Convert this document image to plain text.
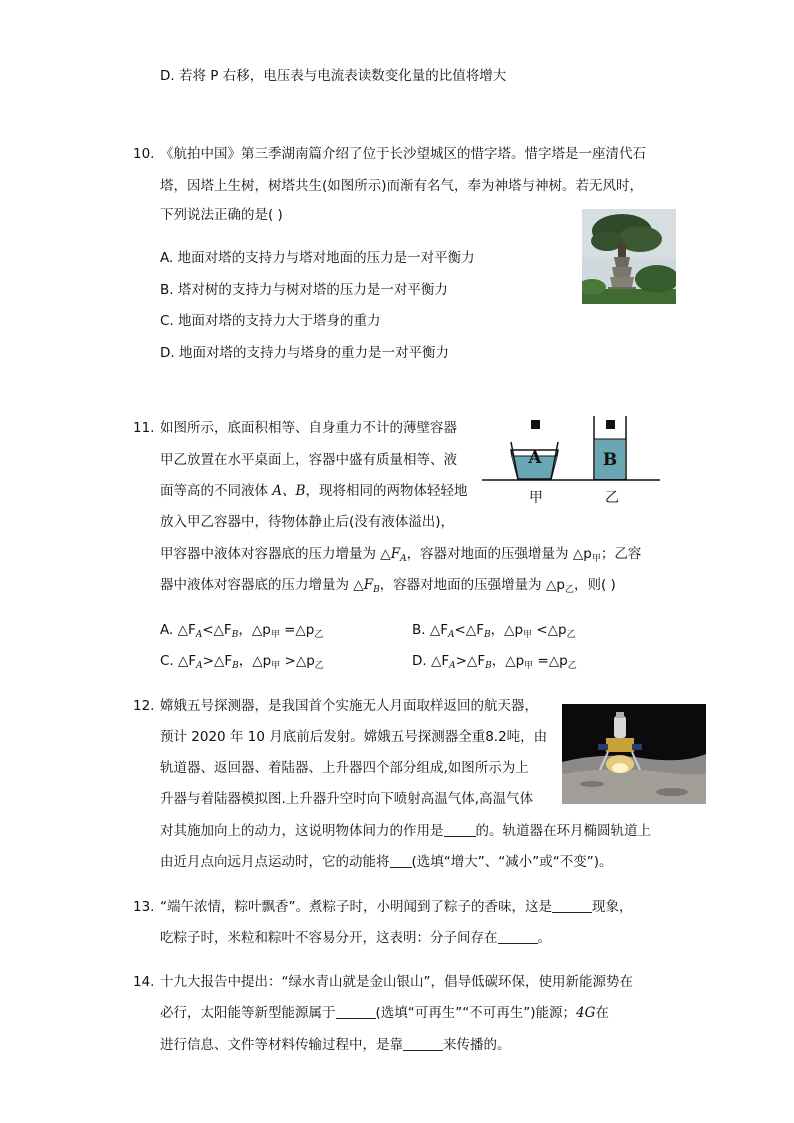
D. 若将 P 右移，电压表与电流表读数变化量的比值将增大
10. 《航拍中国》第三季湖南篇介绍了位于长沙望城区的惜字塔。惜字塔是一座清代石
塔，因塔上生树，树塔共生(如图所示)而渐有名气，奉为神塔与神树。若无风时，
下列说法正确的是( )
A. 地面对塔的支持力与塔对地面的压力是一对平衡力
B. 塔对树的支持力与树对塔的压力是一对平衡力
C. 地面对塔的支持力大于塔身的重力
D. 地面对塔的支持力与塔身的重力是一对平衡力
11. 如图所示，底面积相等、自身重力不计的薄壁容器
甲乙放置在水平桌面上，容器中盛有质量相等、液
面等高的不同液体 A、B，现将相同的两物体轻轻地
放入甲乙容器中，待物体静止后(没有液体溢出)，
甲容器中液体对容器底的压力增量为 $\triangle F_A$，容器对地面的压强增量为 $\triangle p_甲$；乙容
器中液体对容器底的压力增量为 $\triangle F_B$，容器对地面的压强增量为 $\triangle p_乙$，则( )
A	B
甲	乙
A. $\triangle F_A<\triangle F_B$，$\triangle p_甲$ $=\triangle p_乙$	B. $\triangle F_A<\triangle F_B$，$\triangle p_甲$ $<\triangle p_乙$
C. $\triangle F_A>\triangle F_B$，$\triangle p_甲$ $>\triangle p_乙$	D. $\triangle F_A>\triangle F_B$，$\triangle p_甲$ $=\triangle p_乙$
12. 嫦娥五号探测器，是我国首个实施无人月面取样返回的航天器，
预计 2020 年 10 月底前后发射。嫦娥五号探测器全重8.2吨，由
轨道器、返回器、着陆器、上升器四个部分组成,如图所示为上
升器与着陆器模拟图.上升器升空时向下喷射高温气体,高温气体
对其施加向上的动力，这说明物体间力的作用是 的。轨道器在环月椭圆轨道上
由近月点向远月点运动时，它的动能将 (选填“增大”、“减小”或“不变”)。
13. “端午浓情，粽叶飘香”。煮粽子时，小明闻到了粽子的香味，这是	现象，
吃粽子时，米粒和粽叶不容易分开，这表明：分子间存在	。
14. 十九大报告中提出：“绿水青山就是金山银山”，倡导低碳环保，使用新能源势在
必行，太阳能等新型能源属于	(选填“可再生”“不可再生”)能源；4G在
进行信息、文件等材料传输过程中，是靠	来传播的。
